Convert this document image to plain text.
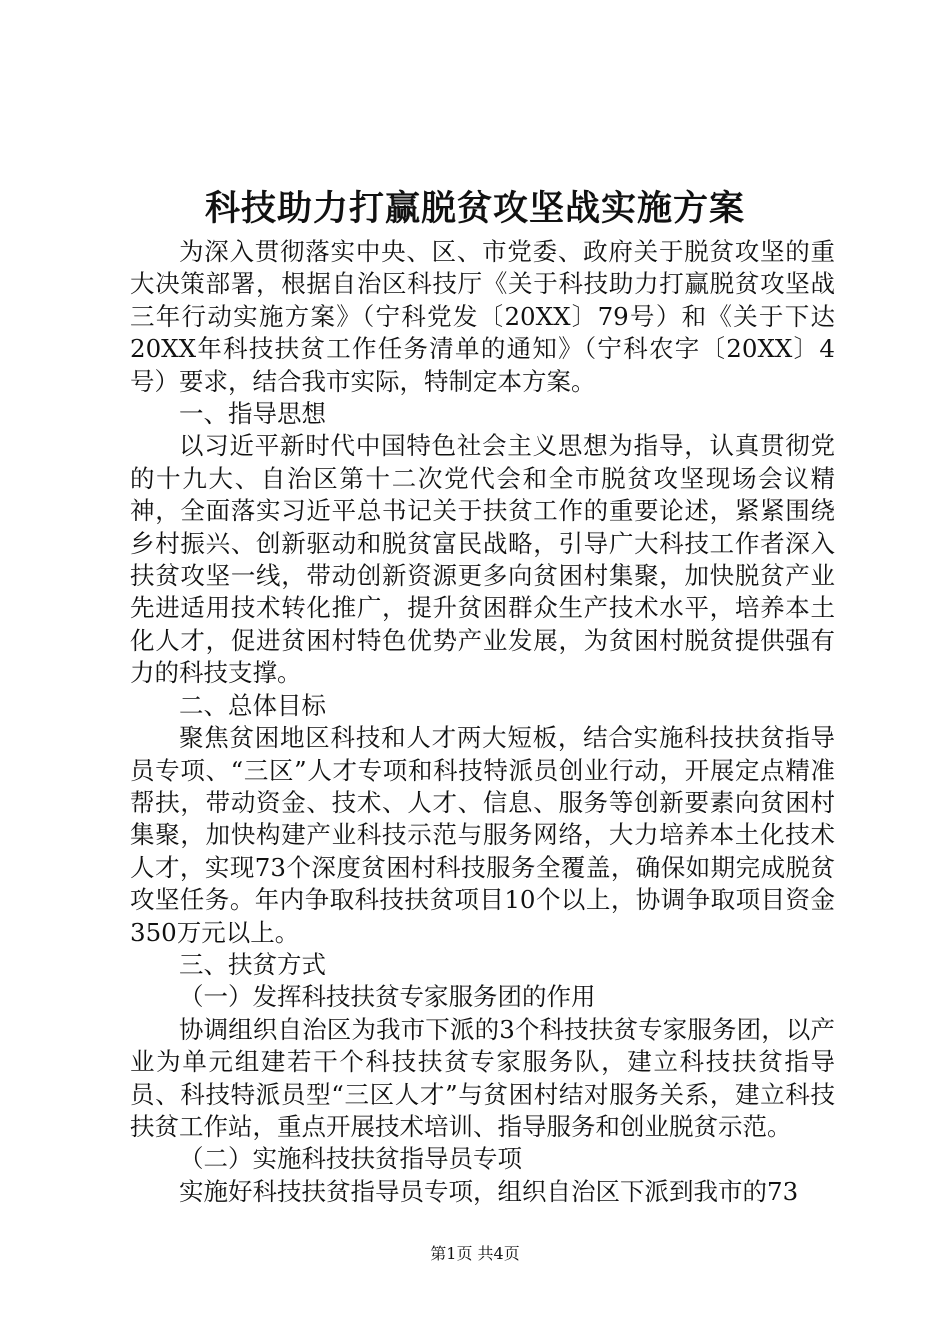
科技助力打赢脱贫攻坚战实施方案

为深入贯彻落实中央、区、市党委、政府关于脱贫攻坚的重大决策部署，根据自治区科技厅《关于科技助力打赢脱贫攻坚战三年行动实施方案》（宁科党发〔20XX〕79号）和《关于下达20XX年科技扶贫工作任务清单的通知》（宁科农字〔20XX〕4号）要求，结合我市实际，特制定本方案。

一、指导思想

以习近平新时代中国特色社会主义思想为指导，认真贯彻党的十九大、自治区第十二次党代会和全市脱贫攻坚现场会议精神，全面落实习近平总书记关于扶贫工作的重要论述，紧紧围绕乡村振兴、创新驱动和脱贫富民战略，引导广大科技工作者深入扶贫攻坚一线，带动创新资源更多向贫困村集聚，加快脱贫产业先进适用技术转化推广，提升贫困群众生产技术水平，培养本土化人才，促进贫困村特色优势产业发展，为贫困村脱贫提供强有力的科技支撑。

二、总体目标

聚焦贫困地区科技和人才两大短板，结合实施科技扶贫指导员专项、“三区”人才专项和科技特派员创业行动，开展定点精准帮扶，带动资金、技术、人才、信息、服务等创新要素向贫困村集聚，加快构建产业科技示范与服务网络，大力培养本土化技术人才，实现73个深度贫困村科技服务全覆盖，确保如期完成脱贫攻坚任务。年内争取科技扶贫项目10个以上，协调争取项目资金350万元以上。

三、扶贫方式

（一）发挥科技扶贫专家服务团的作用

协调组织自治区为我市下派的3个科技扶贫专家服务团，以产业为单元组建若干个科技扶贫专家服务队，建立科技扶贫指导员、科技特派员型“三区人才”与贫困村结对服务关系，建立科技扶贫工作站，重点开展技术培训、指导服务和创业脱贫示范。

（二）实施科技扶贫指导员专项

实施好科技扶贫指导员专项，组织自治区下派到我市的73

第1页 共4页
